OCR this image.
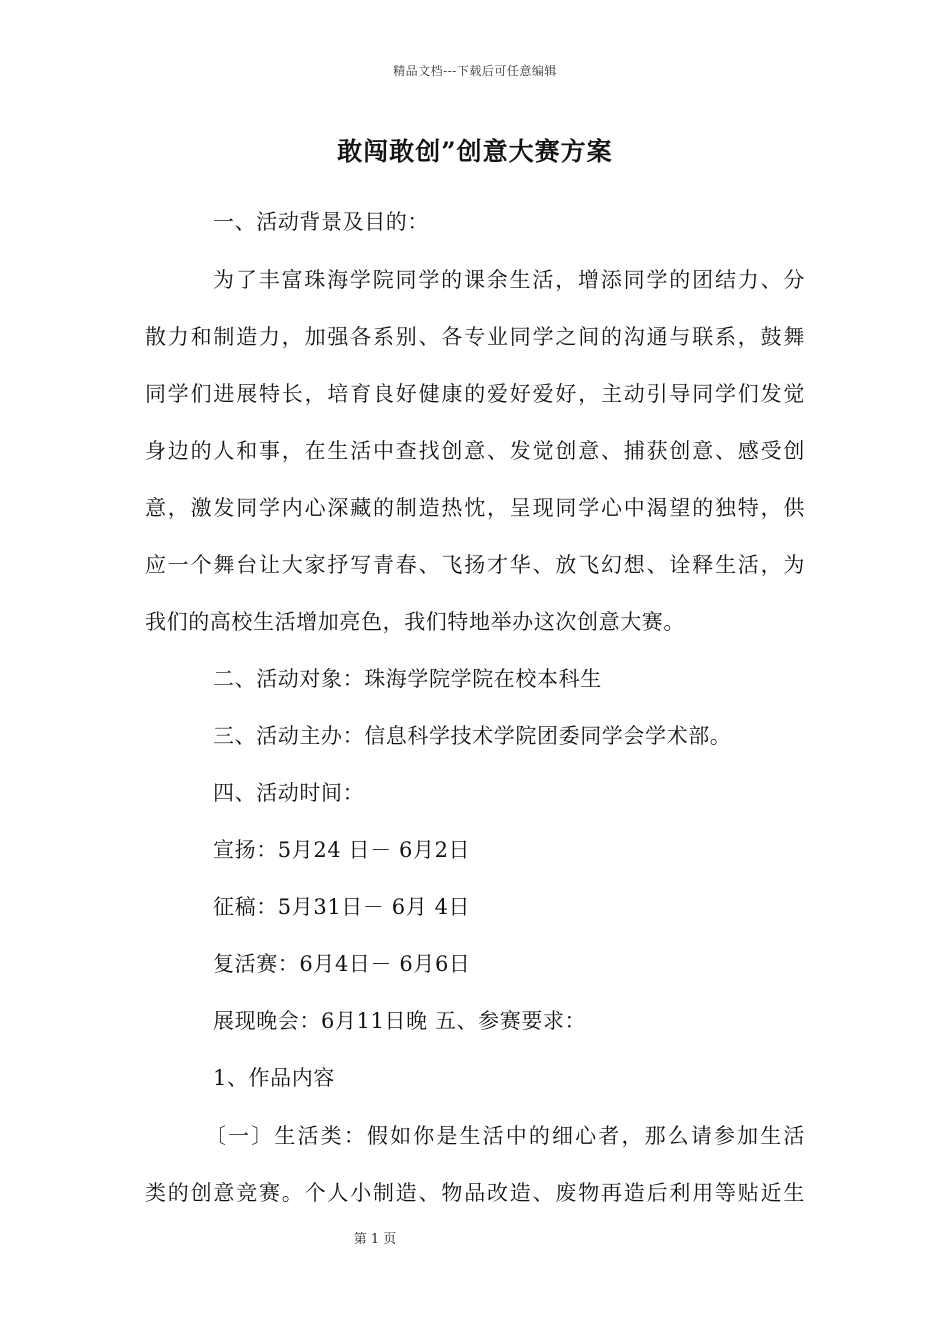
精品文档---下载后可任意编辑
敢闯敢创”创意大赛方案
一、活动背景及目的：
为了丰富珠海学院同学的课余生活，增添同学的团结力、分
散力和制造力，加强各系别、各专业同学之间的沟通与联系，鼓舞
同学们进展特长，培育良好健康的爱好爱好，主动引导同学们发觉
身边的人和事，在生活中查找创意、发觉创意、捕获创意、感受创
意，激发同学内心深藏的制造热忱，呈现同学心中渴望的独特，供
应一个舞台让大家抒写青春、飞扬才华、放飞幻想、诠释生活，为
我们的高校生活增加亮色，我们特地举办这次创意大赛。
二、活动对象：珠海学院学院在校本科生
三、活动主办：信息科学技术学院团委同学会学术部。
四、活动时间：
宣扬：5月24 日－ 6月2日
征稿：5月31日－ 6月 4日
复活赛：6月4日－ 6月6日
展现晚会：6月11日晚 五、参赛要求：
1、作品内容
〔一〕生活类：假如你是生活中的细心者，那么请参加生活
类的创意竞赛。个人小制造、物品改造、废物再造后利用等贴近生
第 1 页
